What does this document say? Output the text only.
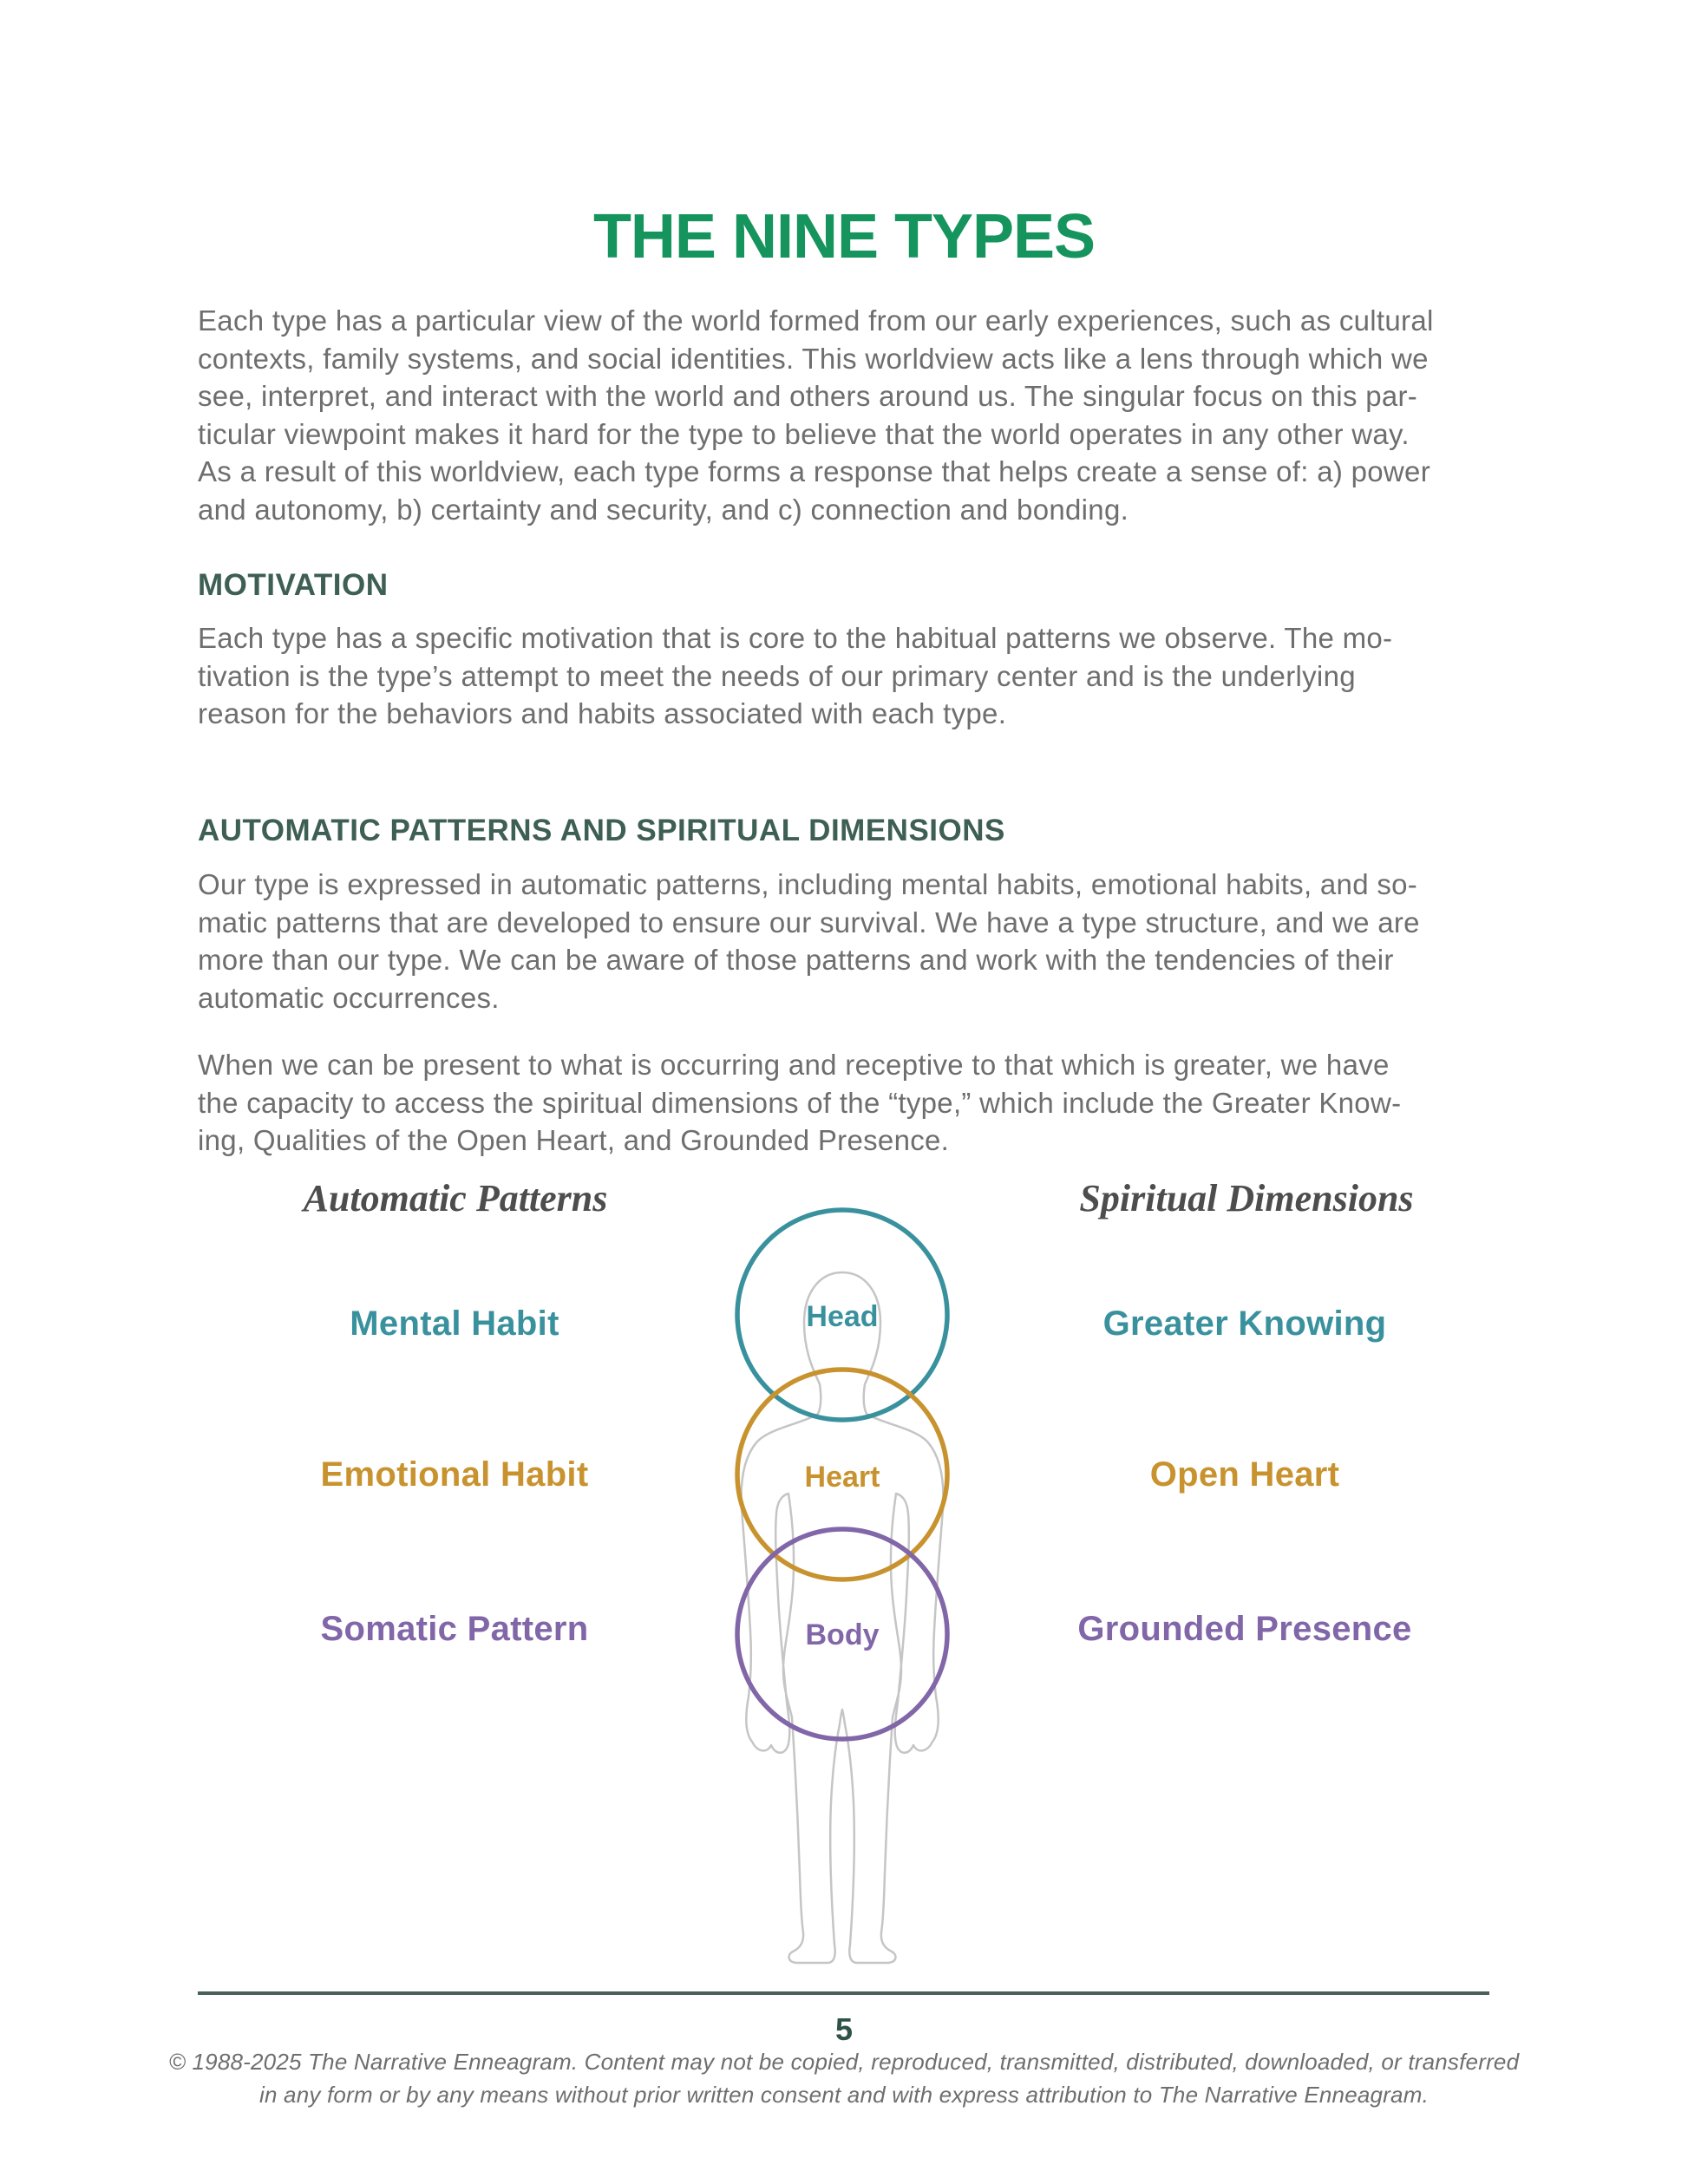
THE NINE TYPES

Each type has a particular view of the world formed from our early experiences, such as cultural
contexts, family systems, and social identities. This worldview acts like a lens through which we
see, interpret, and interact with the world and others around us. The singular focus on this par-
ticular viewpoint makes it hard for the type to believe that the world operates in any other way.
As a result of this worldview, each type forms a response that helps create a sense of: a) power
and autonomy, b) certainty and security, and c) connection and bonding.

MOTIVATION

Each type has a specific motivation that is core to the habitual patterns we observe. The mo-
tivation is the type’s attempt to meet the needs of our primary center and is the underlying
reason for the behaviors and habits associated with each type.

AUTOMATIC PATTERNS AND SPIRITUAL DIMENSIONS

Our type is expressed in automatic patterns, including mental habits, emotional habits, and so-
matic patterns that are developed to ensure our survival. We have a type structure, and we are
more than our type. We can be aware of those patterns and work with the tendencies of their
automatic occurrences.

When we can be present to what is occurring and receptive to that which is greater, we have
the capacity to access the spiritual dimensions of the “type,” which include the Greater Know-
ing, Qualities of the Open Heart, and Grounded Presence.

Automatic Patterns	Spiritual Dimensions
Mental Habit
Emotional Habit
Somatic Pattern
Greater Knowing
Open Heart
Grounded Presence
Head
Heart
Body
5
© 1988-2025 The Narrative Enneagram. Content may not be copied, reproduced, transmitted, distributed, downloaded, or transferred
in any form or by any means without prior written consent and with express attribution to The Narrative Enneagram.
